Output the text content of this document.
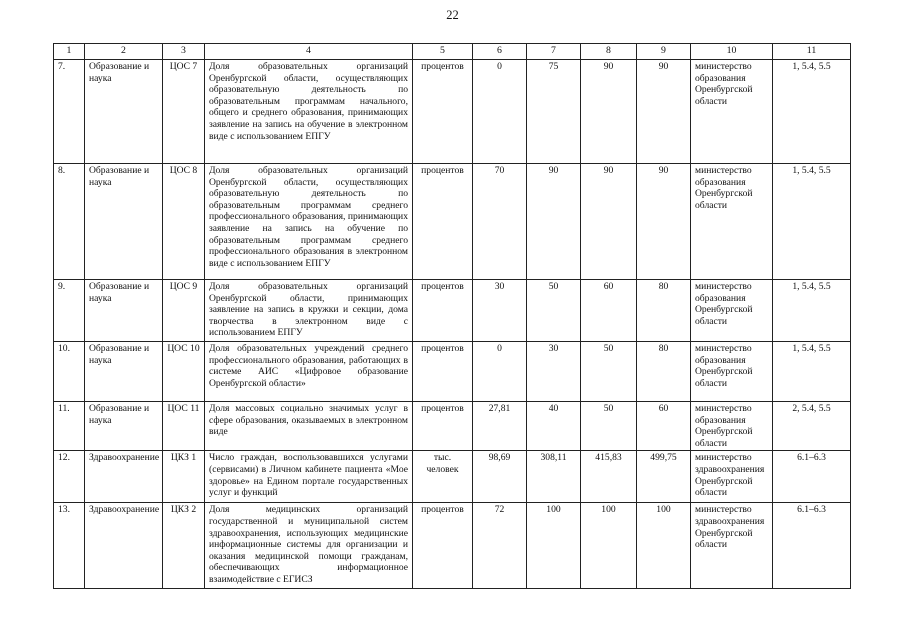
22
1	2	3	4	5	6	7	8	9	10	11
7.	Образование и наука	ЦОС 7	Доля образовательных организаций Оренбургской области, осуществляющих образовательную деятельность по образовательным программам начального, общего и среднего образования, принимающих заявление на запись на обучение в электронном виде с использованием ЕПГУ	процентов	0	75	90	90	министерство образования Оренбургской области	1, 5.4, 5.5
8.	Образование и наука	ЦОС 8	Доля образовательных организаций Оренбургской области, осуществляющих образовательную деятельность по образовательным программам среднего профессионального образования, принимающих заявление на запись на обучение по образовательным программам среднего профессионального образования в электронном виде с использованием ЕПГУ	процентов	70	90	90	90	министерство образования Оренбургской области	1, 5.4, 5.5
9.	Образование и наука	ЦОС 9	Доля образовательных организаций Оренбургской области, принимающих заявление на запись в кружки и секции, дома творчества в электронном виде с использованием ЕПГУ	процентов	30	50	60	80	министерство образования Оренбургской области	1, 5.4, 5.5
10.	Образование и наука	ЦОС 10	Доля образовательных учреждений среднего профессионального образования, работающих в системе АИС «Цифровое образование Оренбургской области»	процентов	0	30	50	80	министерство образования Оренбургской области	1, 5.4, 5.5
11.	Образование и наука	ЦОС 11	Доля массовых социально значимых услуг в сфере образования, оказываемых в электронном виде	процентов	27,81	40	50	60	министерство образования Оренбургской области	2, 5.4, 5.5
12.	Здравоохранение	ЦКЗ 1	Число граждан, воспользовавшихся услугами (сервисами) в Личном кабинете пациента «Мое здоровье» на Едином портале государственных услуг и функций	тыс. человек	98,69	308,11	415,83	499,75	министерство здравоохранения Оренбургской области	6.1–6.3
13.	Здравоохранение	ЦКЗ 2	Доля медицинских организаций государственной и муниципальной систем здравоохранения, использующих медицинские информационные системы для организации и оказания медицинской помощи гражданам, обеспечивающих информационное взаимодействие с ЕГИСЗ	процентов	72	100	100	100	министерство здравоохранения Оренбургской области	6.1–6.3
